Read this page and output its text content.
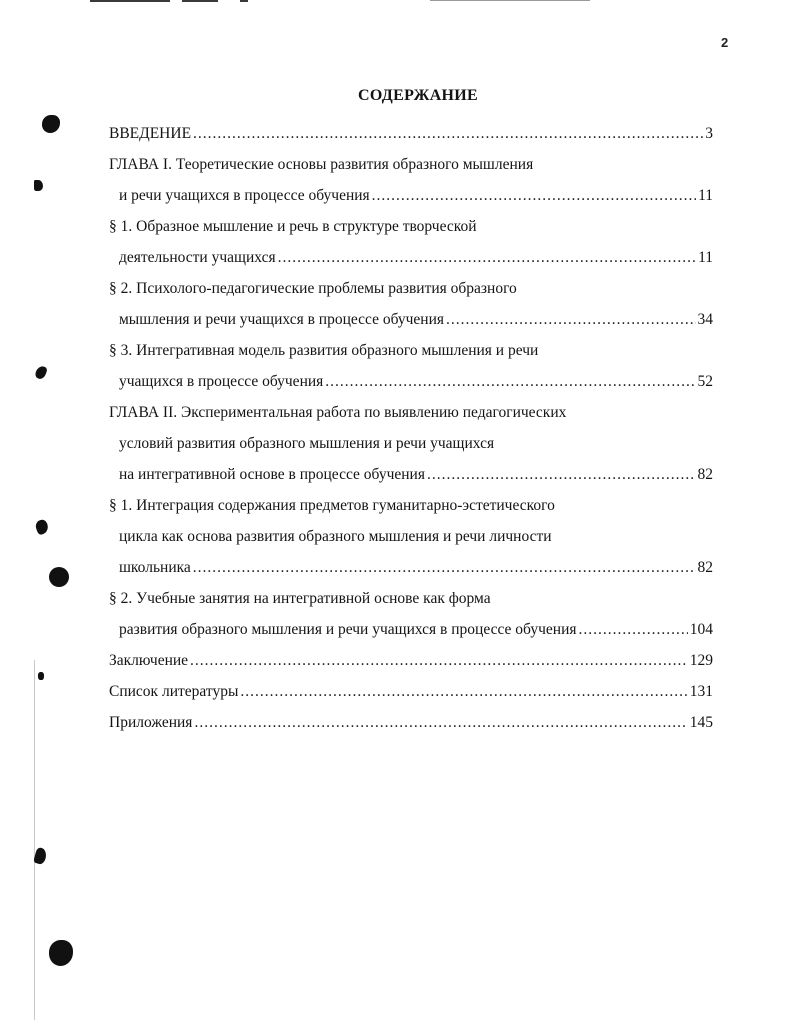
2
СОДЕРЖАНИЕ
ВВЕДЕНИЕ .....	3
ГЛАВА I. Теоретические основы развития образного мышления
и речи учащихся в процессе обучения .....	11
§ 1. Образное мышление и речь в структуре творческой
деятельности учащихся .....	11
§ 2. Психолого-педагогические проблемы развития образного
мышления и речи учащихся в процессе обучения .....	34
§ 3. Интегративная модель развития образного мышления и речи
учащихся в процессе обучения .....	52
ГЛАВА II. Экспериментальная работа по выявлению педагогических
условий развития образного мышления и речи учащихся
на интегративной основе в процессе обучения .....	82
§ 1. Интеграция содержания предметов гуманитарно-эстетического
цикла как основа развития образного мышления и речи личности
школьника .....	82
§ 2. Учебные занятия на интегративной основе как форма
развития образного мышления и речи учащихся в процессе обучения .....	104
Заключение .....	129
Список литературы .....	131
Приложения .....	145
